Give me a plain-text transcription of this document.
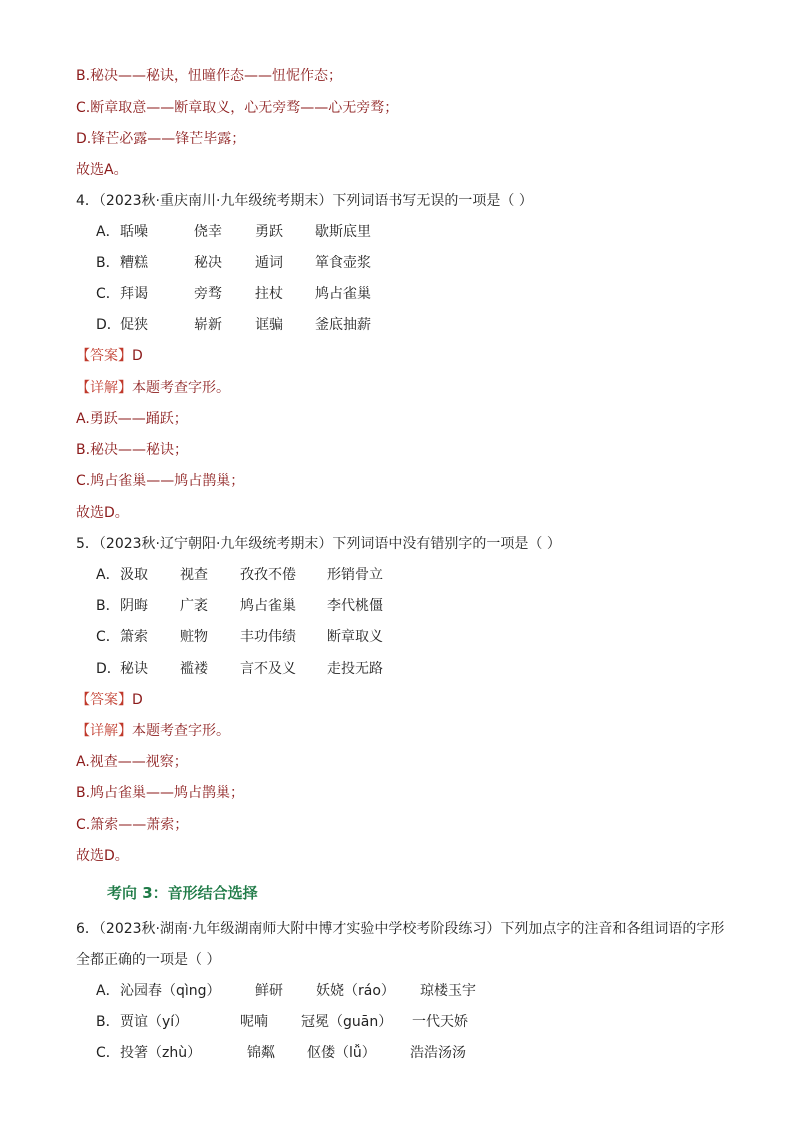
B.秘决——秘诀，忸曈作态——忸怩作态；
C.断章取意——断章取义，心无旁骛——心无旁骛；
D.锋芒必露——锋芒毕露；
故选A。
4．（2023秋·重庆南川·九年级统考期末）下列词语书写无误的一项是（ ）
A． 聒噪	侥幸 勇跃 歇斯底里
B． 糟糕	秘决 遁词 箪食壶浆
C． 拜谒	旁骛 拄杖 鸠占雀巢
D． 促狭	崭新 诓骗 釜底抽薪
【答案】D
【详解】本题考查字形。
A.勇跃——踊跃；
B.秘决——秘诀；
C.鸠占雀巢——鸠占鹊巢；
故选D。
5．（2023秋·辽宁朝阳·九年级统考期末）下列词语中没有错别字的一项是（ ）
A． 汲取 视查 孜孜不倦 形销骨立
B． 阴晦 广袤 鸠占雀巢 李代桃僵
C． 箫索 赃物 丰功伟绩 断章取义
D． 秘诀 褴褛 言不及义 走投无路
【答案】D
【详解】本题考查字形。
A.视查——视察；
B.鸠占雀巢——鸠占鹊巢；
C.箫索——萧索；
故选D。
考向 3：音形结合选择
6．（2023秋·湖南·九年级湖南师大附中博才实验中学校考阶段练习）下列加点字的注音和各组词语的字形
全都正确的一项是（ ）
A． 沁园春（qìng） 鲜研 妖娆（ráo） 琼楼玉宇
B． 贾谊（yí）	呢喃 冠冕（guān） 一代天娇
C． 投箸（zhù）	锦粼 伛偻（lǚ） 浩浩汤汤
